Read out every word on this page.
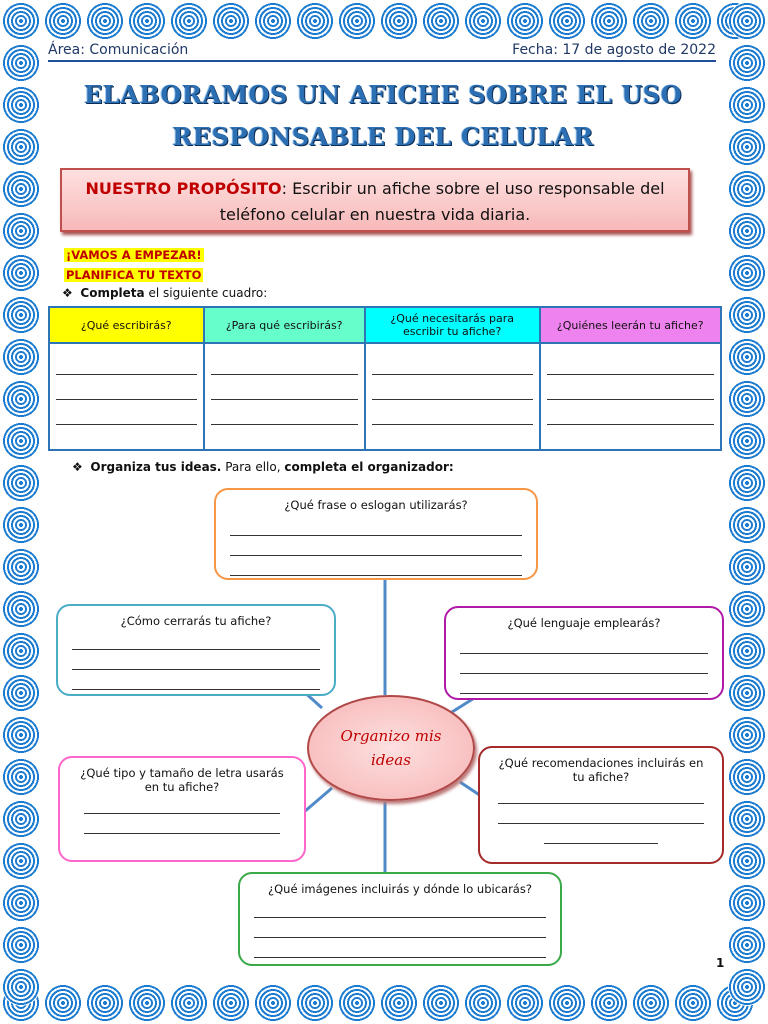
Área: Comunicación	Fecha: 17 de agosto de 2022
ELABORAMOS UN AFICHE SOBRE EL USO
RESPONSABLE DEL CELULAR
NUESTRO PROPÓSITO: Escribir un afiche sobre el uso responsable del teléfono celular en nuestra vida diaria.
¡VAMOS A EMPEZAR!
PLANIFICA TU TEXTO
❖ Completa el siguiente cuadro:
¿Qué escribirás?	¿Para qué escribirás?	¿Qué necesitarás para escribir tu afiche?	¿Quiénes leerán tu afiche?

❖ Organiza tus ideas. Para ello, completa el organizador:
¿Qué frase o eslogan utilizarás?
¿Cómo cerrarás tu afiche?	¿Qué lenguaje emplearás?
Organizo mis ideas
¿Qué tipo y tamaño de letra usarás en tu afiche?
¿Qué recomendaciones incluirás en tu afiche?
¿Qué imágenes incluirás y dónde lo ubicarás?
1
